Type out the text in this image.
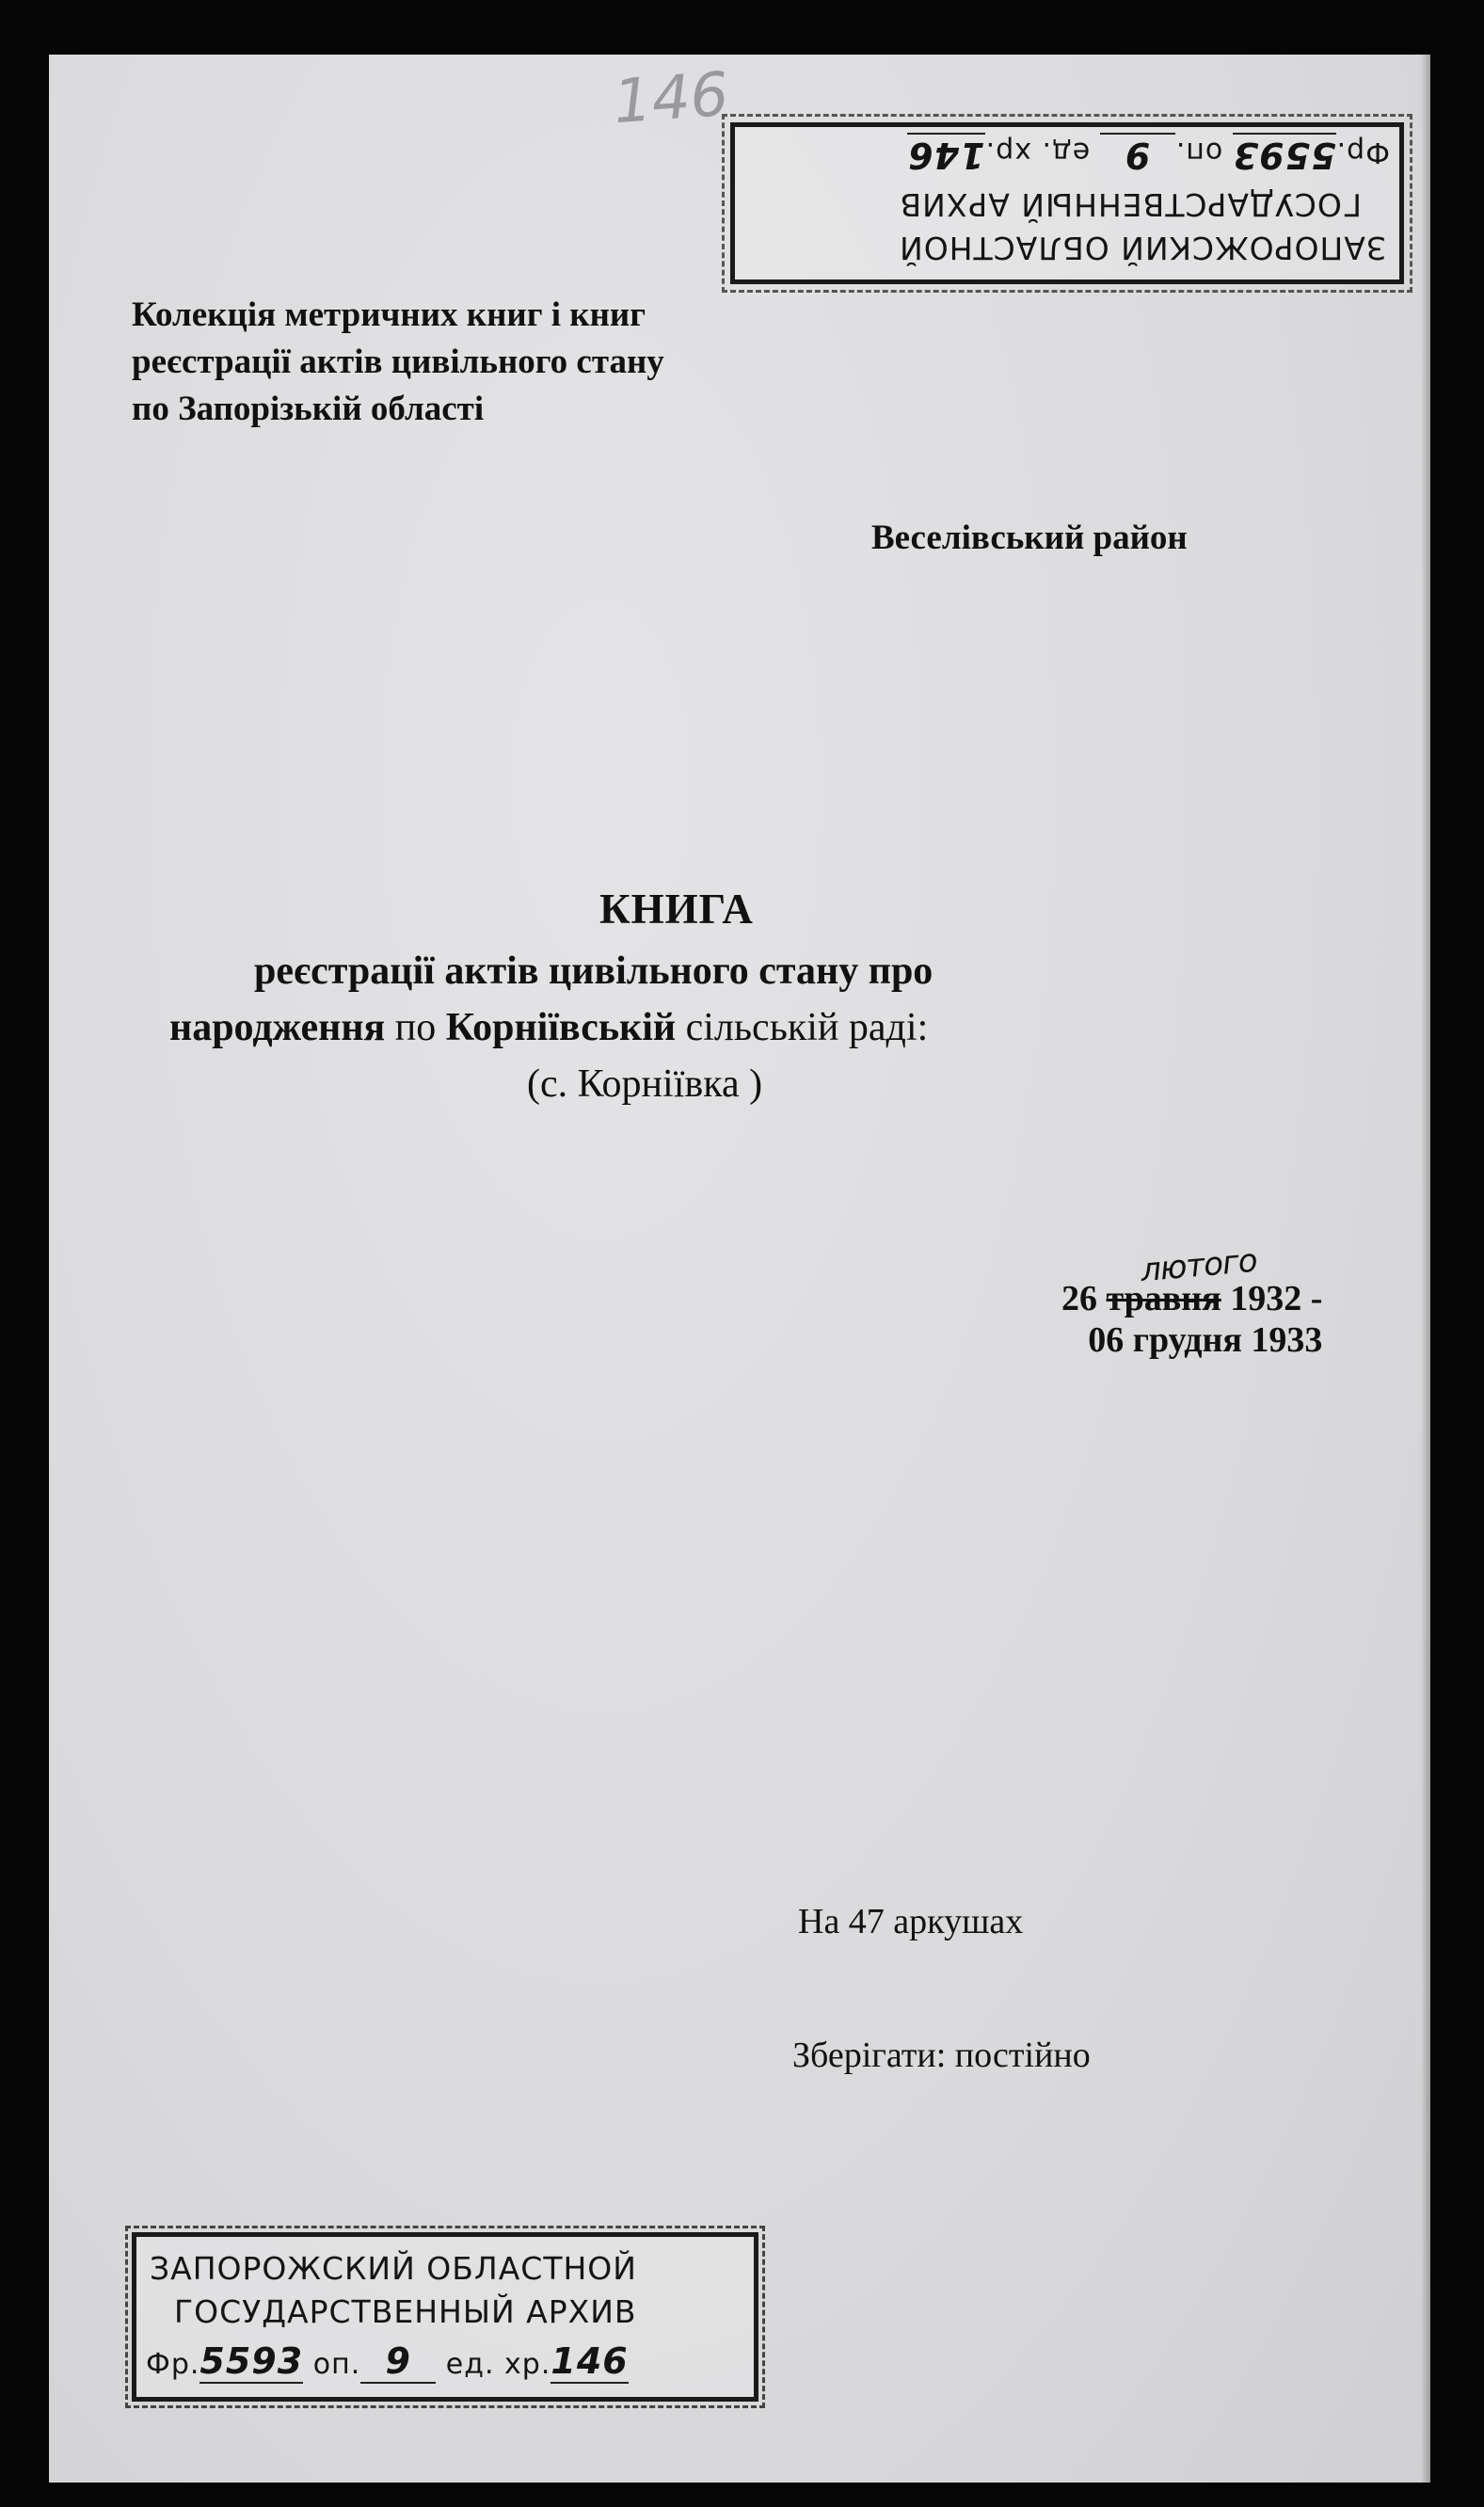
146
ЗАПОРОЖСКИЙ ОБЛАСТНОЙ
ГОСУДАРСТВЕННЫЙ АРХИВ
Фр.5593 оп.9 ед. хр.146
Колекція метричних книг і книг
реєстрації актів цивільного стану
по Запорізькій області
Веселівський район
КНИГА
реєстрації актів цивільного стану про
народження по Корніївській сільській раді:
(с. Корніївка )
26 травня
лютого
1932 -
06 грудня 1933
На 47 аркушах
Зберігати: постійно
ЗАПОРОЖСКИЙ ОБЛАСТНОЙ
ГОСУДАРСТВЕННЫЙ АРХИВ
Фр.5593 оп. 9 ед. хр.146
